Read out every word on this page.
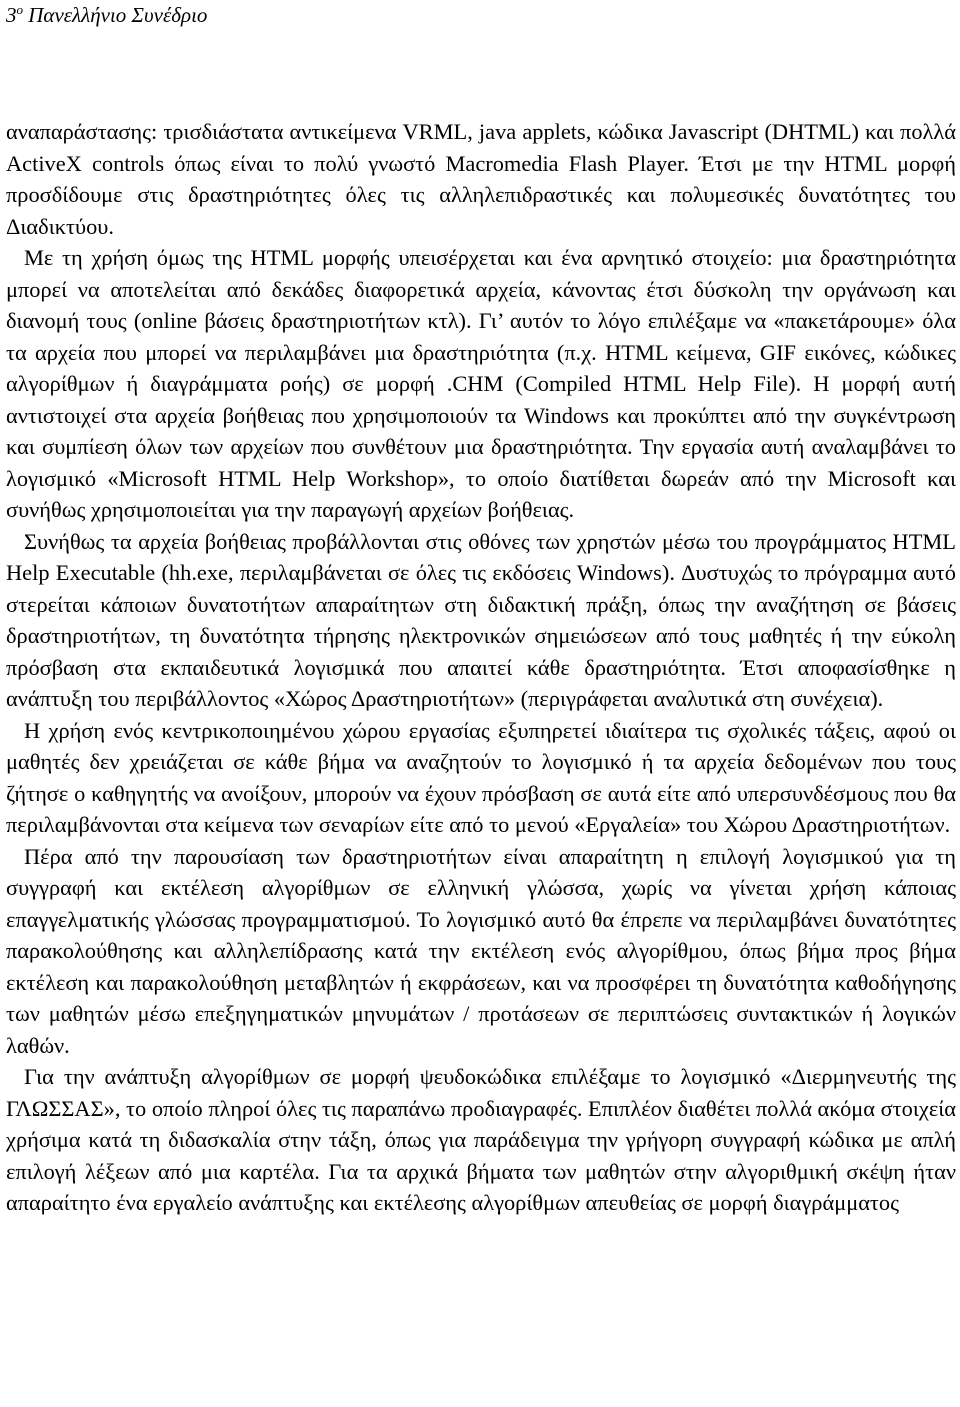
$3^o$ Πανελλήνιο Συνέδριο

αναπαράστασης: τρισδιάστατα αντικείμενα VRML, java applets, κώδικα Javascript (DHTML) και πολλά ActiveX controls όπως είναι το πολύ γνωστό Macromedia Flash Player. Έτσι με την HTML μορφή προσδίδουμε στις δραστηριότητες όλες τις αλληλεπιδραστικές και πολυμεσικές δυνατότητες του Διαδικτύου.

Με τη χρήση όμως της HTML μορφής υπεισέρχεται και ένα αρνητικό στοιχείο: μια δραστηριότητα μπορεί να αποτελείται από δεκάδες διαφορετικά αρχεία, κάνοντας έτσι δύσκολη την οργάνωση και διανομή τους (online βάσεις δραστηριοτήτων κτλ). Γι’ αυτόν το λόγο επιλέξαμε να «πακετάρουμε» όλα τα αρχεία που μπορεί να περιλαμβάνει μια δραστηριότητα (π.χ. HTML κείμενα, GIF εικόνες, κώδικες αλγορίθμων ή διαγράμματα ροής) σε μορφή .CHM (Compiled HTML Help File). Η μορφή αυτή αντιστοιχεί στα αρχεία βοήθειας που χρησιμοποιούν τα Windows και προκύπτει από την συγκέντρωση και συμπίεση όλων των αρχείων που συνθέτουν μια δραστηριότητα. Την εργασία αυτή αναλαμβάνει το λογισμικό «Microsoft HTML Help Workshop», το οποίο διατίθεται δωρεάν από την Microsoft και συνήθως χρησιμοποιείται για την παραγωγή αρχείων βοήθειας.

Συνήθως τα αρχεία βοήθειας προβάλλονται στις οθόνες των χρηστών μέσω του προγράμματος HTML Help Executable (hh.exe, περιλαμβάνεται σε όλες τις εκδόσεις Windows). Δυστυχώς το πρόγραμμα αυτό στερείται κάποιων δυνατοτήτων απαραίτητων στη διδακτική πράξη, όπως την αναζήτηση σε βάσεις δραστηριοτήτων, τη δυνατότητα τήρησης ηλεκτρονικών σημειώσεων από τους μαθητές ή την εύκολη πρόσβαση στα εκπαιδευτικά λογισμικά που απαιτεί κάθε δραστηριότητα. Έτσι αποφασίσθηκε η ανάπτυξη του περιβάλλοντος «Χώρος Δραστηριοτήτων» (περιγράφεται αναλυτικά στη συνέχεια).

Η χρήση ενός κεντρικοποιημένου χώρου εργασίας εξυπηρετεί ιδιαίτερα τις σχολικές τάξεις, αφού οι μαθητές δεν χρειάζεται σε κάθε βήμα να αναζητούν το λογισμικό ή τα αρχεία δεδομένων που τους ζήτησε ο καθηγητής να ανοίξουν, μπορούν να έχουν πρόσβαση σε αυτά είτε από υπερσυνδέσμους που θα περιλαμβάνονται στα κείμενα των σεναρίων είτε από το μενού «Εργαλεία» του Χώρου Δραστηριοτήτων.

Πέρα από την παρουσίαση των δραστηριοτήτων είναι απαραίτητη η επιλογή λογισμικού για τη συγγραφή και εκτέλεση αλγορίθμων σε ελληνική γλώσσα, χωρίς να γίνεται χρήση κάποιας επαγγελματικής γλώσσας προγραμματισμού. Το λογισμικό αυτό θα έπρεπε να περιλαμβάνει δυνατότητες παρακολούθησης και αλληλεπίδρασης κατά την εκτέλεση ενός αλγορίθμου, όπως βήμα προς βήμα εκτέλεση και παρακολούθηση μεταβλητών ή εκφράσεων, και να προσφέρει τη δυνατότητα καθοδήγησης των μαθητών μέσω επεξηγηματικών μηνυμάτων / προτάσεων σε περιπτώσεις συντακτικών ή λογικών λαθών.

Για την ανάπτυξη αλγορίθμων σε μορφή ψευδοκώδικα επιλέξαμε το λογισμικό «Διερμηνευτής της ΓΛΩΣΣΑΣ», το οποίο πληροί όλες τις παραπάνω προδιαγραφές. Επιπλέον διαθέτει πολλά ακόμα στοιχεία χρήσιμα κατά τη διδασκαλία στην τάξη, όπως για παράδειγμα την γρήγορη συγγραφή κώδικα με απλή επιλογή λέξεων από μια καρτέλα. Για τα αρχικά βήματα των μαθητών στην αλγοριθμική σκέψη ήταν απαραίτητο ένα εργαλείο ανάπτυξης και εκτέλεσης αλγορίθμων απευθείας σε μορφή διαγράμματος
